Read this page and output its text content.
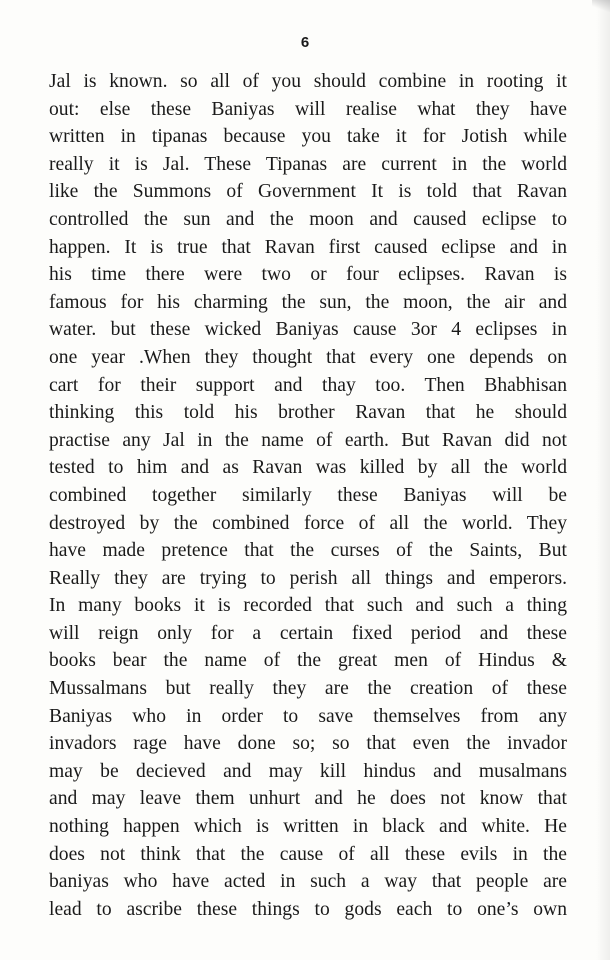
6

Jal is known. so all of you should combine in rooting it
out: else these Baniyas will realise what they have
written in tipanas because you take it for Jotish while
really it is Jal. These Tipanas are current in the world
like the Summons of Government It is told that Ravan
controlled the sun and the moon and caused eclipse to
happen. It is true that Ravan first caused eclipse and in
his time there were two or four eclipses. Ravan is
famous for his charming the sun, the moon, the air and
water. but these wicked Baniyas cause 3or 4 eclipses in
one year .When they thought that every one depends on
cart for their support and thay too. Then Bhabhisan
thinking this told his brother Ravan that he should
practise any Jal in the name of earth. But Ravan did not
tested to him and as Ravan was killed by all the world
combined together similarly these Baniyas will be
destroyed by the combined force of all the world. They
have made pretence that the curses of the Saints, But
Really they are trying to perish all things and emperors.
In many books it is recorded that such and such a thing
will reign only for a certain fixed period and these
books bear the name of the great men of Hindus &
Mussalmans but really they are the creation of these
Baniyas who in order to save themselves from any
invadors rage have done so; so that even the invador
may be decieved and may kill hindus and musalmans
and may leave them unhurt and he does not know that
nothing happen which is written in black and white. He
does not think that the cause of all these evils in the
baniyas who have acted in such a way that people are
lead to ascribe these things to gods each to one’s own
